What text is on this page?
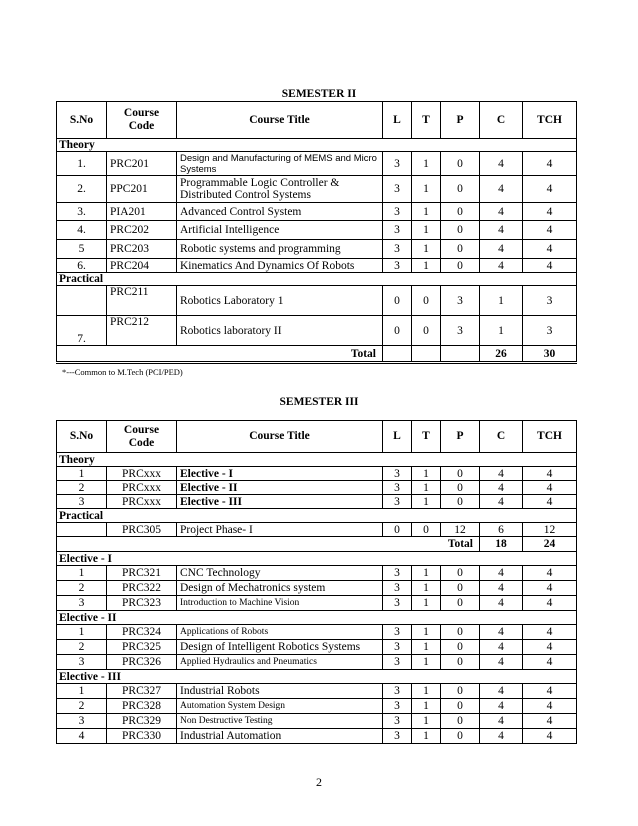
SEMESTER II
S.No	Course Code	Course Title	L	T	P	C	TCH
Theory							
1.	PRC201	Design and Manufacturing of MEMS and Micro Systems	3	1	0	4	4
2.	PPC201	Programmable Logic Controller & Distributed Control Systems	3	1	0	4	4
3.	PIA201	Advanced Control System	3	1	0	4	4
4.	PRC202	Artificial Intelligence	3	1	0	4	4
5	PRC203	Robotic systems and programming	3	1	0	4	4
6.	PRC204	Kinematics And Dynamics Of Robots	3	1	0	4	4
Practical							
	PRC211	Robotics Laboratory 1	0	0	3	1	3
7.	PRC212	Robotics laboratory II	0	0	3	1	3
Total						26	30
*---Common to M.Tech (PCI/PED)
SEMESTER III
S.No	Course Code	Course Title	L	T	P	C	TCH
Theory							
1	PRCxxx	Elective - I	3	1	0	4	4
2	PRCxxx	Elective - II	3	1	0	4	4
3	PRCxxx	Elective - III	3	1	0	4	4
Practical							
	PRC305	Project Phase- I	0	0	12	6	12
Total						18	24
Elective - I							
1	PRC321	CNC Technology	3	1	0	4	4
2	PRC322	Design of Mechatronics system	3	1	0	4	4
3	PRC323	Introduction to Machine Vision	3	1	0	4	4
Elective - II							
1	PRC324	Applications of Robots	3	1	0	4	4
2	PRC325	Design of Intelligent Robotics Systems	3	1	0	4	4
3	PRC326	Applied Hydraulics and Pneumatics	3	1	0	4	4
Elective - III							
1	PRC327	Industrial Robots	3	1	0	4	4
2	PRC328	Automation System Design	3	1	0	4	4
3	PRC329	Non Destructive Testing	3	1	0	4	4
4	PRC330	Industrial Automation	3	1	0	4	4
2
